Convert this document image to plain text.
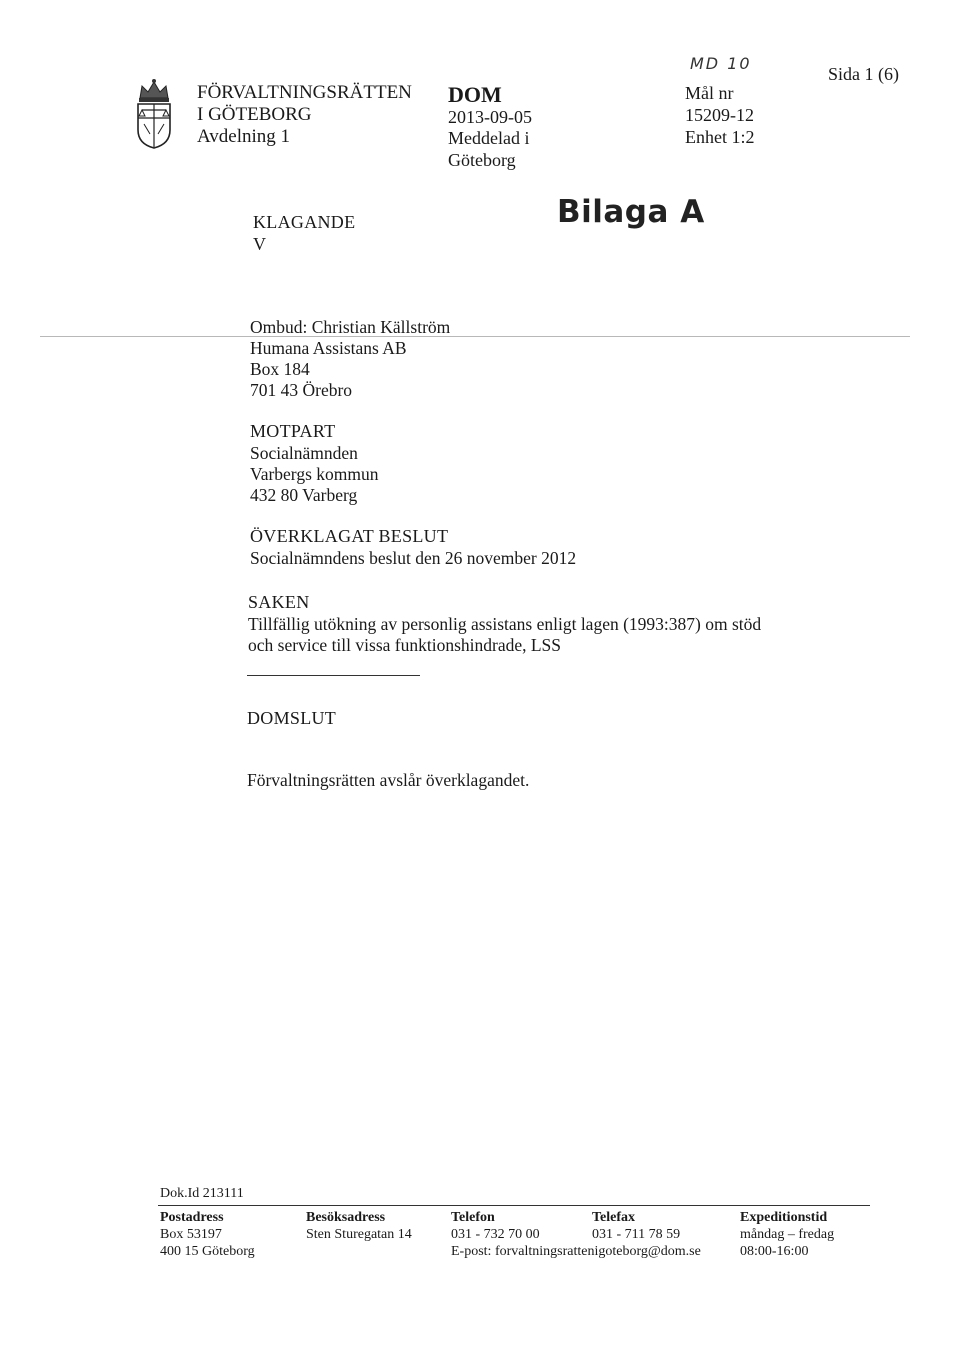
FÖRVALTNINGSRÄTTEN
I GÖTEBORG
Avdelning 1
DOM
2013-09-05
Meddelad i
Göteborg
MD 10
Mål nr
15209-12
Enhet 1:2
Sida 1 (6)
Bilaga A
KLAGANDE
V
Ombud: Christian Källström
Humana Assistans AB
Box 184
701 43 Örebro
MOTPART
Socialnämnden
Varbergs kommun
432 80 Varberg
ÖVERKLAGAT BESLUT
Socialnämndens beslut den 26 november 2012
SAKEN
Tillfällig utökning av personlig assistans enligt lagen (1993:387) om stöd
och service till vissa funktionshindrade, LSS
DOMSLUT
Förvaltningsrätten avslår överklagandet.
Dok.Id 213111
Postadress
Box 53197
400 15 Göteborg
Besöksadress
Sten Sturegatan 14
Telefon
031 - 732 70 00
E-post: forvaltningsrattenigoteborg@dom.se
Telefax
031 - 711 78 59
Expeditionstid
måndag – fredag
08:00-16:00
